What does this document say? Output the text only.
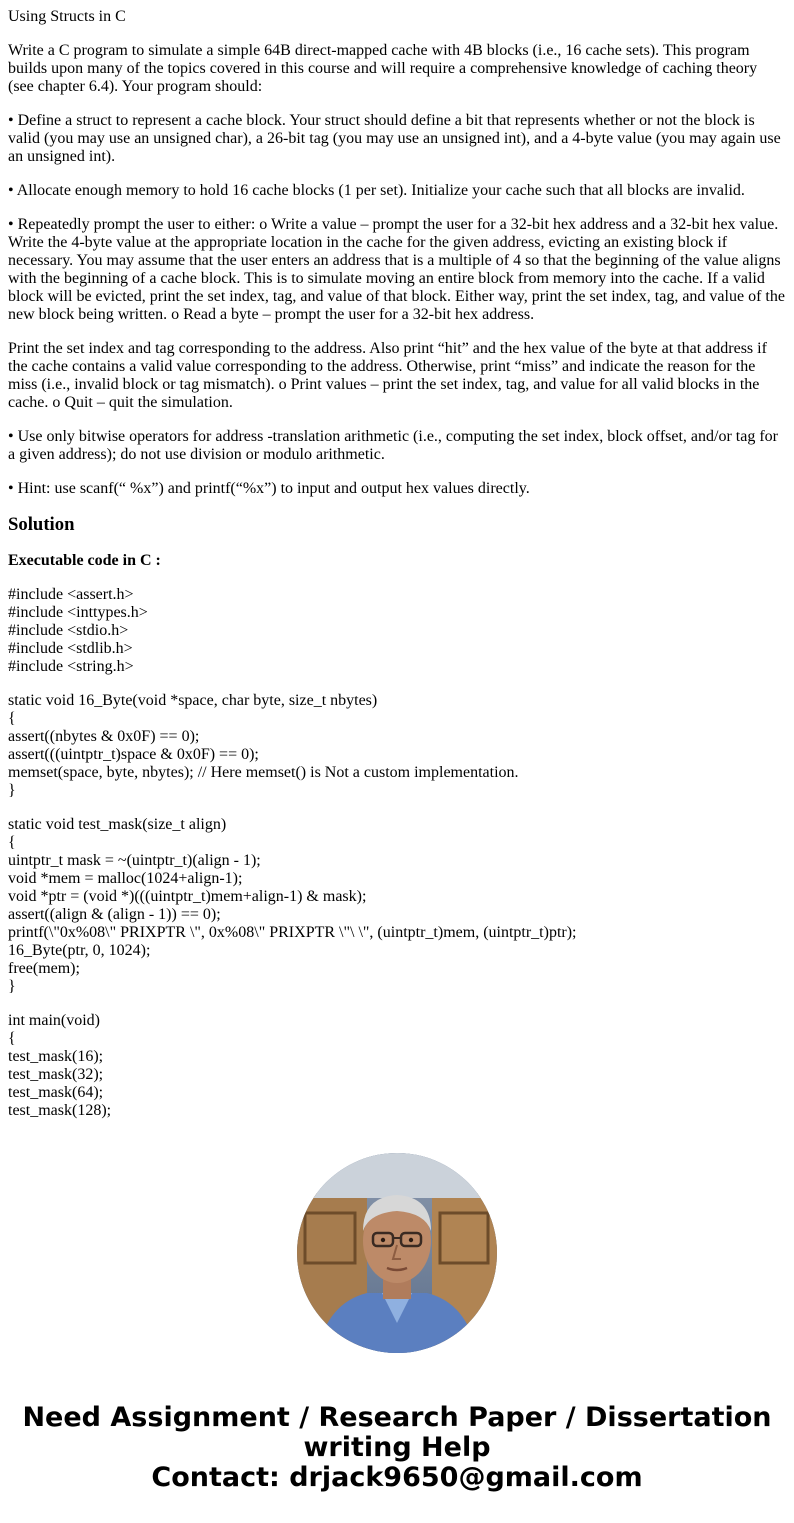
Using Structs in C

Write a C program to simulate a simple 64B direct-mapped cache with 4B blocks (i.e., 16 cache sets). This program builds upon many of the topics covered in this course and will require a comprehensive knowledge of caching theory (see chapter 6.4). Your program should:

• Define a struct to represent a cache block. Your struct should define a bit that represents whether or not the block is valid (you may use an unsigned char), a 26-bit tag (you may use an unsigned int), and a 4-byte value (you may again use an unsigned int).

• Allocate enough memory to hold 16 cache blocks (1 per set). Initialize your cache such that all blocks are invalid.

• Repeatedly prompt the user to either: o Write a value – prompt the user for a 32-bit hex address and a 32-bit hex value. Write the 4-byte value at the appropriate location in the cache for the given address, evicting an existing block if necessary. You may assume that the user enters an address that is a multiple of 4 so that the beginning of the value aligns with the beginning of a cache block. This is to simulate moving an entire block from memory into the cache. If a valid block will be evicted, print the set index, tag, and value of that block. Either way, print the set index, tag, and value of the new block being written. o Read a byte – prompt the user for a 32-bit hex address.

Print the set index and tag corresponding to the address. Also print “hit” and the hex value of the byte at that address if the cache contains a valid value corresponding to the address. Otherwise, print “miss” and indicate the reason for the miss (i.e., invalid block or tag mismatch). o Print values – print the set index, tag, and value for all valid blocks in the cache. o Quit – quit the simulation.

• Use only bitwise operators for address -translation arithmetic (i.e., computing the set index, block offset, and/or tag for a given address); do not use division or modulo arithmetic.

• Hint: use scanf(“ %x”) and printf(“%x”) to input and output hex values directly.

Solution
Executable code in C :
#include <assert.h>
#include <inttypes.h>
#include <stdio.h>
#include <stdlib.h>
#include <string.h>
static void 16_Byte(void *space, char byte, size_t nbytes)
{
assert((nbytes & 0x0F) == 0);
assert(((uintptr_t)space & 0x0F) == 0);
memset(space, byte, nbytes); // Here memset() is Not a custom implementation.
}
static void test_mask(size_t align)
{
uintptr_t mask = ~(uintptr_t)(align - 1);
void *mem = malloc(1024+align-1);
void *ptr = (void *)(((uintptr_t)mem+align-1) & mask);
assert((align & (align - 1)) == 0);
printf(\"0x%08\" PRIXPTR \", 0x%08\" PRIXPTR \"\ \", (uintptr_t)mem, (uintptr_t)ptr);
16_Byte(ptr, 0, 1024);
free(mem);
}
int main(void)
{
test_mask(16);
test_mask(32);
test_mask(64);
test_mask(128);
Need Assignment / Research Paper / Dissertation
writing Help
Contact: drjack9650@gmail.com
